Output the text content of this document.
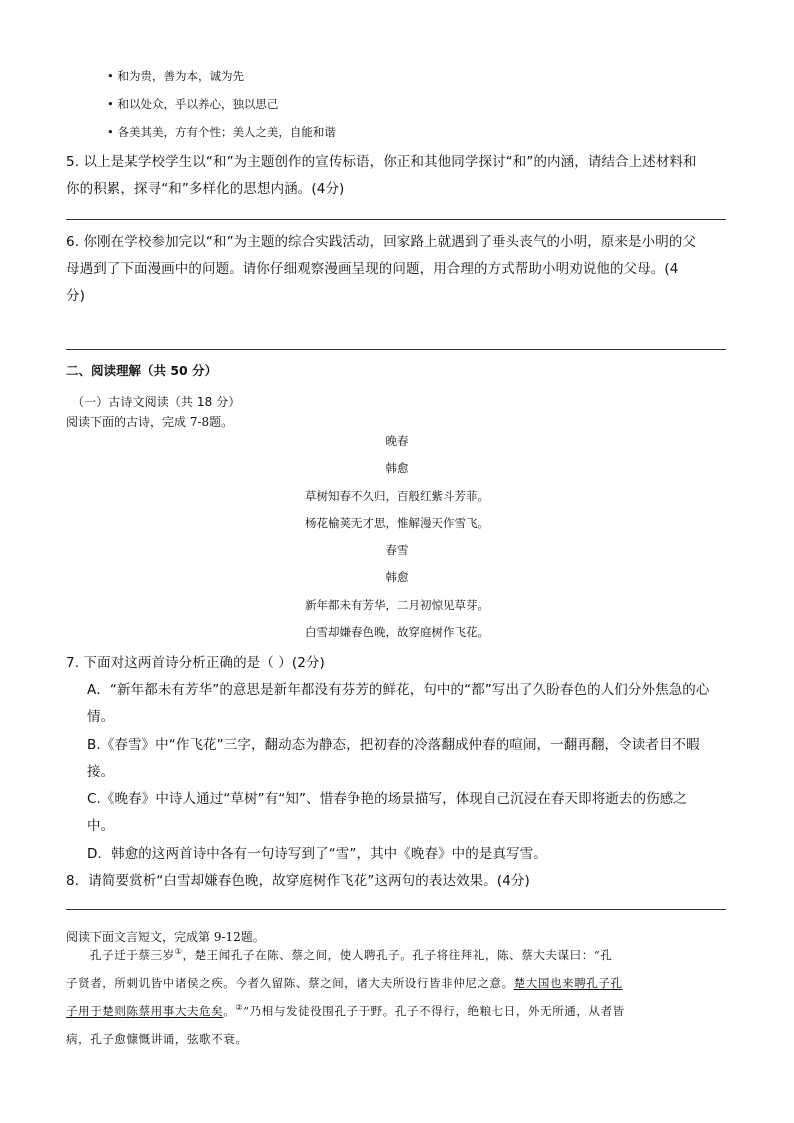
• 和为贵，善为本，诚为先
• 和以处众，乎以养心，独以思己
• 各美其美，方有个性；美人之美，自能和谐
5. 以上是某学校学生以“和”为主题创作的宣传标语，你正和其他同学探讨“和”的内涵，请结合上述材料和
你的积累，探寻“和”多样化的思想内涵。(4分)
6. 你刚在学校参加完以“和”为主题的综合实践活动，回家路上就遇到了垂头丧气的小明，原来是小明的父
母遇到了下面漫画中的问题。请你仔细观察漫画呈现的问题，用合理的方式帮助小明劝说他的父母。(4
分)
二、阅读理解（共 50 分）
（一）古诗文阅读（共 18 分）
阅读下面的古诗，完成 7-8题。
晚春
韩愈
草树知春不久归，百般红紫斗芳菲。
杨花榆荚无才思，惟解漫天作雪飞。
春雪
韩愈
新年都未有芳华，二月初惊见草芽。
白雪却嫌春色晚，故穿庭树作飞花。
7. 下面对这两首诗分析正确的是（ ）(2分)
A．“新年都未有芳华”的意思是新年都没有芬芳的鲜花，句中的“都”写出了久盼春色的人们分外焦急的心
情。
B.《春雪》中“作飞花”三字，翻动态为静态，把初春的冷落翻成仲春的喧闹，一翻再翻，令读者目不暇
接。
C.《晚春》中诗人通过“草树”有“知”、惜春争艳的场景描写，体现自己沉浸在春天即将逝去的伤感之
中。
D．韩愈的这两首诗中各有一句诗写到了“雪”，其中《晚春》中的是真写雪。
8．请简要赏析“白雪却嫌春色晚，故穿庭树作飞花”这两句的表达效果。(4分)
阅读下面文言短文，完成第 9-12题。
孔子迁于蔡三岁①，楚王闻孔子在陈、蔡之间，使人聘孔子。孔子将往拜礼，陈、蔡大夫谋曰：“孔
子贤者，所刺讥皆中诸侯之疾。今者久留陈、蔡之间，诸大夫所设行皆非仲尼之意。楚大国也来聘孔子孔
子用于楚则陈蔡用事大夫危矣。②”乃相与发徒役围孔子于野。孔子不得行，绝粮七日，外无所通，从者皆
病，孔子愈慷慨讲诵，弦歌不衰。
